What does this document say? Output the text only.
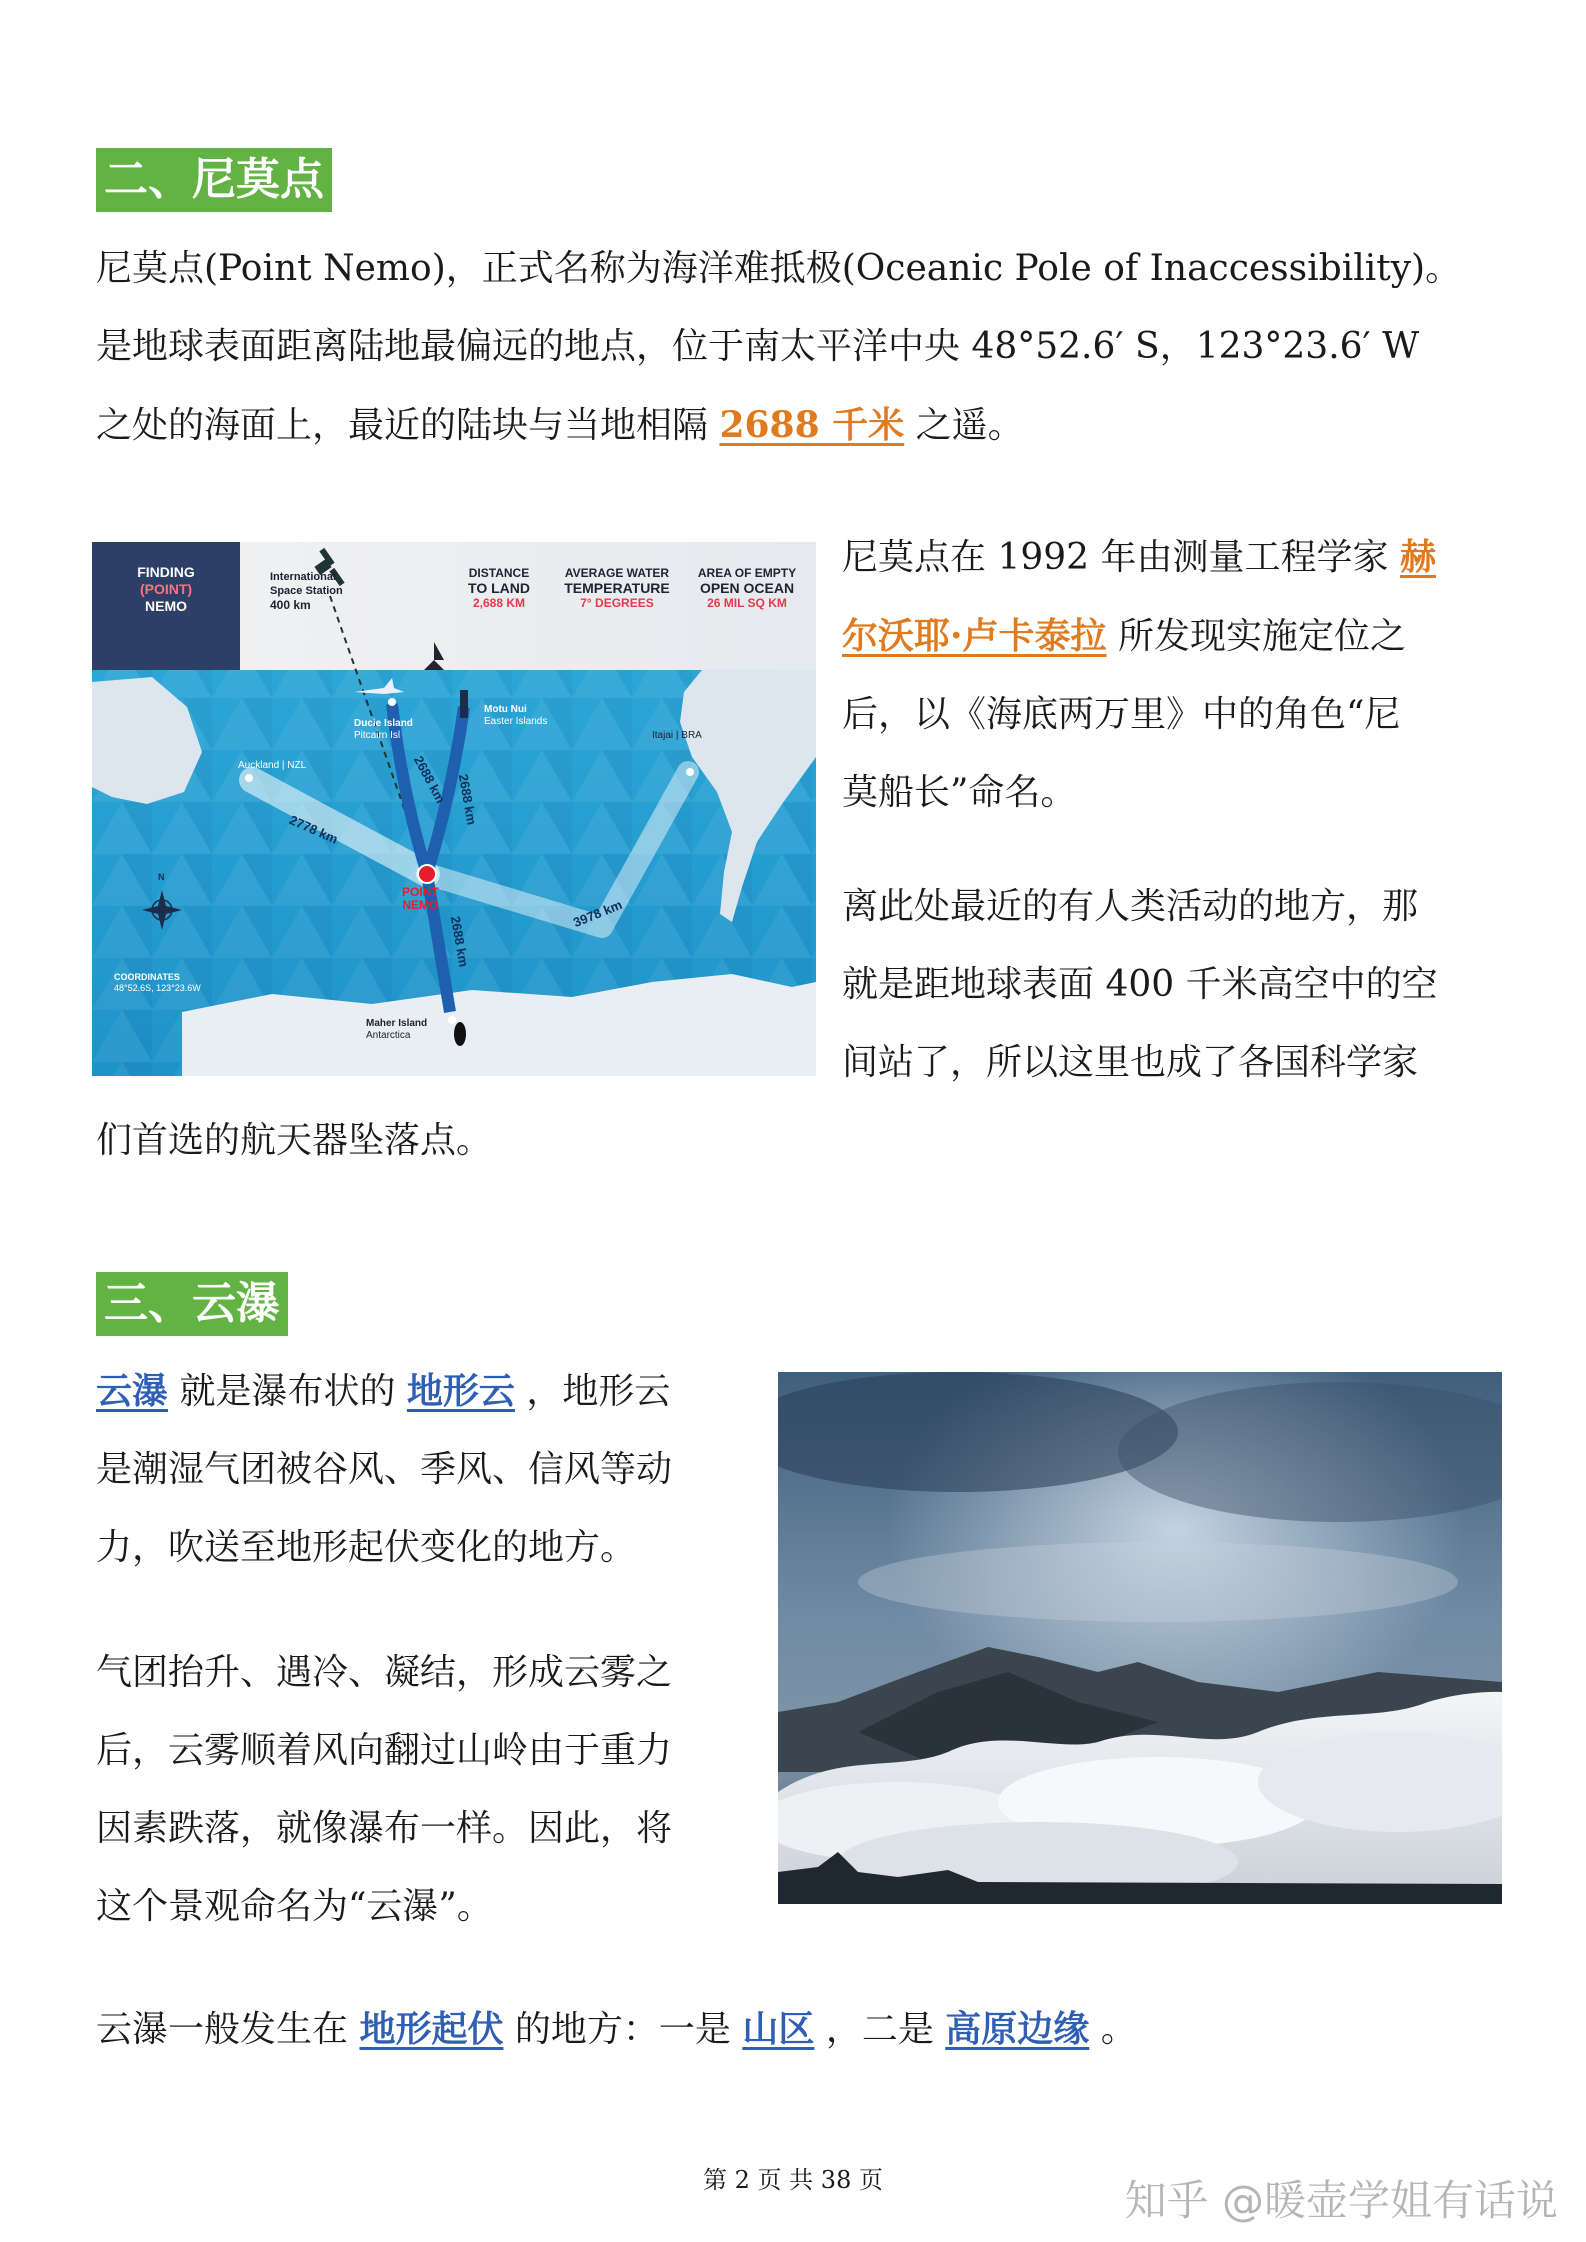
二、尼莫点
尼莫点(Point Nemo)，正式名称为海洋难抵极(Oceanic Pole of Inaccessibility)。
是地球表面距离陆地最偏远的地点，位于南太平洋中央 48°52.6′ S，123°23.6′ W
之处的海面上，最近的陆块与当地相隔 2688 千米 之遥。
FINDING
(POINT)
NEMO
International
Space Station
400 km
DISTANCE
TO LAND
2,688 KM
AVERAGE WATER
TEMPERATURE
7° DEGREES
AREA OF EMPTY
OPEN OCEAN
26 MIL SQ KM
Ducie Island
Pitcairn Isl
Motu Nui
Easter Islands
Auckland | NZL
Itajai | BRA
Maher Island
Antarctica
POINT
NEMO
COORDINATES
48°52.6S, 123°23.6W
N
2688 km 2688 km
2778 km
3978 km
2688 km
尼莫点在 1992 年由测量工程学家 赫
尔沃耶·卢卡泰拉 所发现实施定位之
后，以《海底两万里》中的角色“尼
莫船长”命名。
离此处最近的有人类活动的地方，那
就是距地球表面 400 千米高空中的空
间站了，所以这里也成了各国科学家
们首选的航天器坠落点。
三、云瀑
云瀑 就是瀑布状的 地形云 ，地形云
是潮湿气团被谷风、季风、信风等动
力，吹送至地形起伏变化的地方。
气团抬升、遇冷、凝结，形成云雾之
后，云雾顺着风向翻过山岭由于重力
因素跌落，就像瀑布一样。因此，将
这个景观命名为“云瀑”。
云瀑一般发生在 地形起伏 的地方：一是 山区 ，二是 高原边缘 。
第 2 页 共 38 页	知乎 @暖壶学姐有话说
